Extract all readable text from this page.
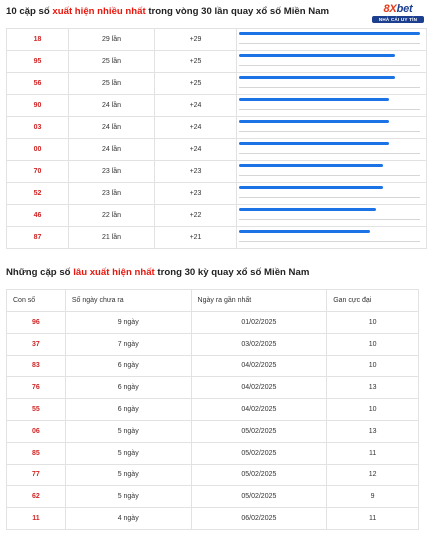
10 cặp số xuất hiện nhiều nhất trong vòng 30 lần quay xổ số Miền Nam	8Xbet
NHÀ CÁI UY TÍN
18	29 lần	+29	

95	25 lần	+25	

56	25 lần	+25	

90	24 lần	+24	

03	24 lần	+24	

00	24 lần	+24	

70	23 lần	+23	

52	23 lần	+23	

46	22 lần	+22	

87	21 lần	+21	
Những cặp số lâu xuất hiện nhất trong 30 kỳ quay xổ số Miền Nam
Con số	Số ngày chưa ra	Ngày ra gần nhất	Gan cực đại
96	9 ngày	01/02/2025	10
37	7 ngày	03/02/2025	10
83	6 ngày	04/02/2025	10
76	6 ngày	04/02/2025	13
55	6 ngày	04/02/2025	10
06	5 ngày	05/02/2025	13
85	5 ngày	05/02/2025	11
77	5 ngày	05/02/2025	12
62	5 ngày	05/02/2025	9
11	4 ngày	06/02/2025	11
